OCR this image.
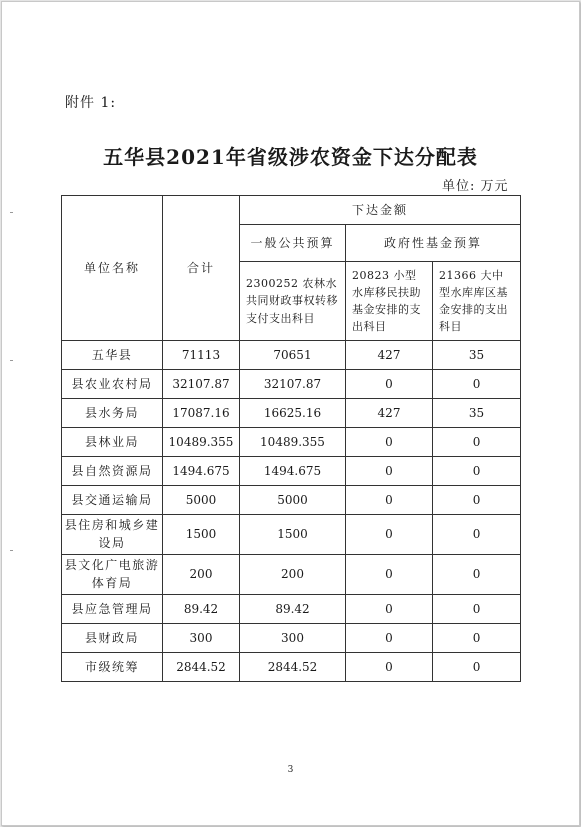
附件 1:
五华县2021年省级涉农资金下达分配表
单位: 万元
单位名称	合计	下达金额		
		一般公共预算	政府性基金预算	
		2300252 农林水共同财政事权转移支付支出科目	20823 小型水库移民扶助基金安排的支出科目	21366 大中型水库库区基金安排的支出科目
五华县	71113	70651	427	35
县农业农村局	32107.87	32107.87	0	0
县水务局	17087.16	16625.16	427	35
县林业局	10489.355	10489.355	0	0
县自然资源局	1494.675	1494.675	0	0
县交通运输局	5000	5000	0	0
县住房和城乡建设局	1500	1500	0	0
县文化广电旅游体育局	200	200	0	0
县应急管理局	89.42	89.42	0	0
县财政局	300	300	0	0
市级统筹	2844.52	2844.52	0	0
3
